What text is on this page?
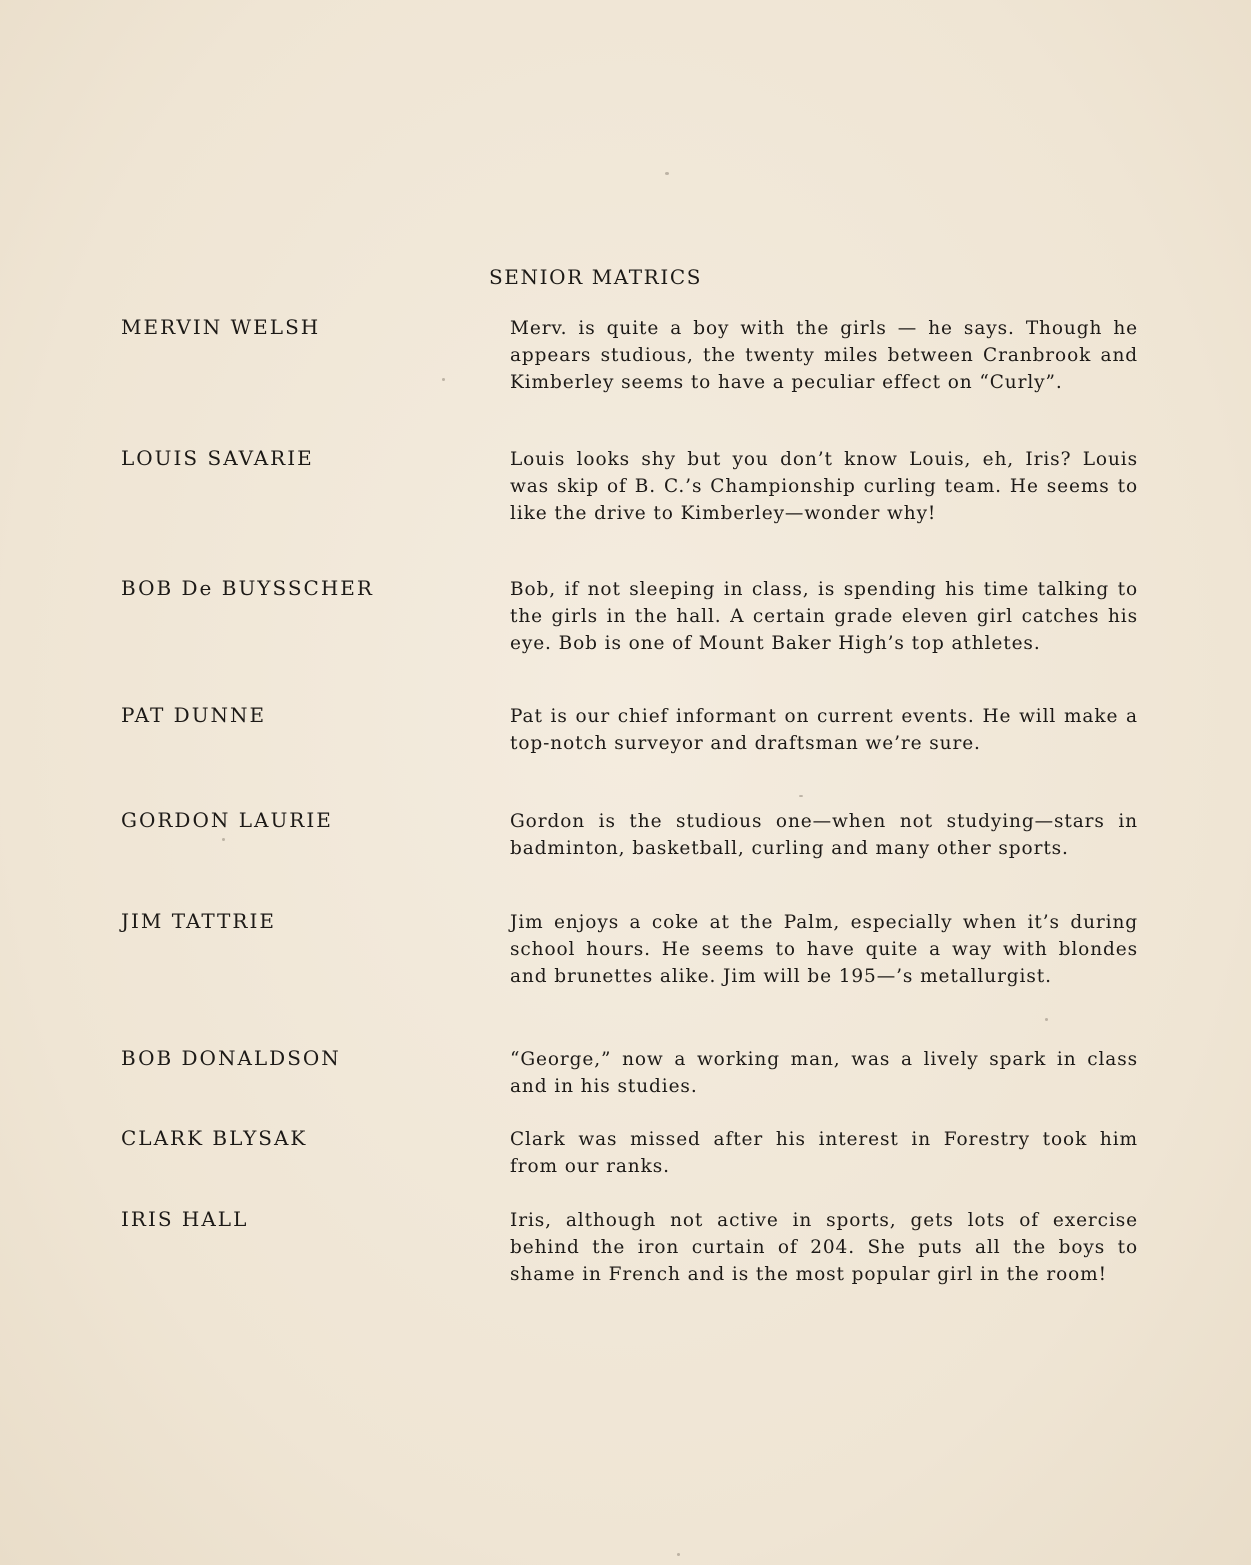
SENIOR MATRICS
MERVIN WELSH	Merv. is quite a boy with the girls — he says. Though he appears studious, the twenty miles between Cranbrook and Kimberley seems to have a peculiar effect on “Curly”.
LOUIS SAVARIE	Louis looks shy but you don’t know Louis, eh, Iris? Louis was skip of B. C.’s Championship curling team. He seems to like the drive to Kimberley—wonder why!
BOB De BUYSSCHER	Bob, if not sleeping in class, is spending his time talking to the girls in the hall. A certain grade eleven girl catches his eye. Bob is one of Mount Baker High’s top athletes.
PAT DUNNE	Pat is our chief informant on current events. He will make a top-notch surveyor and draftsman we’re sure.
GORDON LAURIE	Gordon is the studious one—when not studying—stars in badminton, basketball, curling and many other sports.
JIM TATTRIE	Jim enjoys a coke at the Palm, especially when it’s during school hours. He seems to have quite a way with blondes and brunettes alike. Jim will be 195—’s metallurgist.
BOB DONALDSON	“George,” now a working man, was a lively spark in class and in his studies.
CLARK BLYSAK	Clark was missed after his interest in Forestry took him from our ranks.
IRIS HALL	Iris, although not active in sports, gets lots of exercise behind the iron curtain of 204. She puts all the boys to shame in French and is the most popular girl in the room!
